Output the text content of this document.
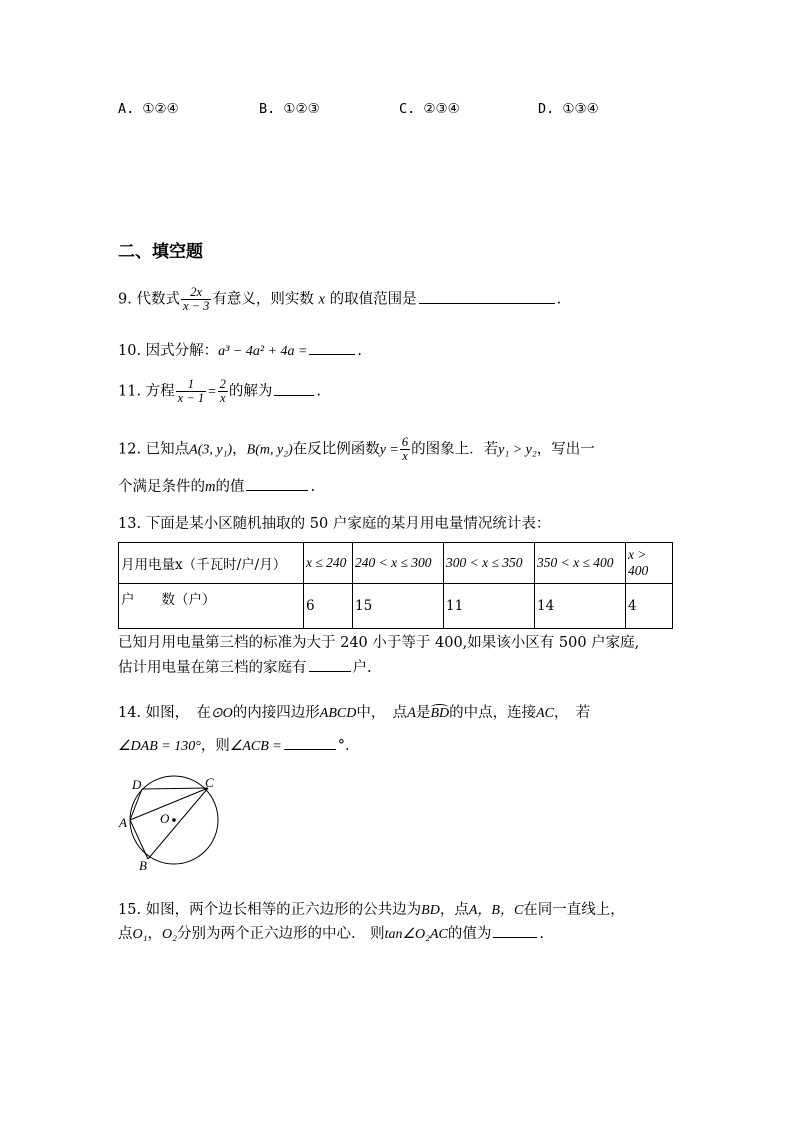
A. ①②④	B. ①②③	C. ②③④	D. ①③④
二、填空题
9. 代数式 $\frac{2x}{x - 3}$ 有意义，则实数 x 的取值范围是	.
10. 因式分解：a³ − 4a² + 4a =	.
11. 方程 $\frac{1}{x - 1} = \frac{2}{x}$ 的解为	.
12. 已知点A(3, y₁)，B(m, y₂)在反比例函数$y = \frac{6}{x}$ 的图象上．若y₁ > y₂，写出一
个满足条件的m的值	.
13. 下面是某小区随机抽取的 50 户家庭的某月用电量情况统计表：
月用电量x（千瓦时/户/月）	x ≤ 240	240 < x ≤ 300	300 < x ≤ 350	350 < x ≤ 400	x > 400
户　　数（户）	6	15	11	14	4
已知月用电量第三档的标准为大于 240 小于等于 400,如果该小区有 500 户家庭,
估计用电量在第三档的家庭有	户.
14. 如图，　在⊙O的内接四边形ABCD中，　点A是
BD的中点，连接AC，　若
∠DAB = 130°，则∠ACB =	°．
D	C
A	O
B
15. 如图，两个边长相等的正六边形的公共边为BD，点A，B，C在同一直线上，
点O₁，O₂分别为两个正六边形的中心.　则tan∠O₂AC的值为	.
